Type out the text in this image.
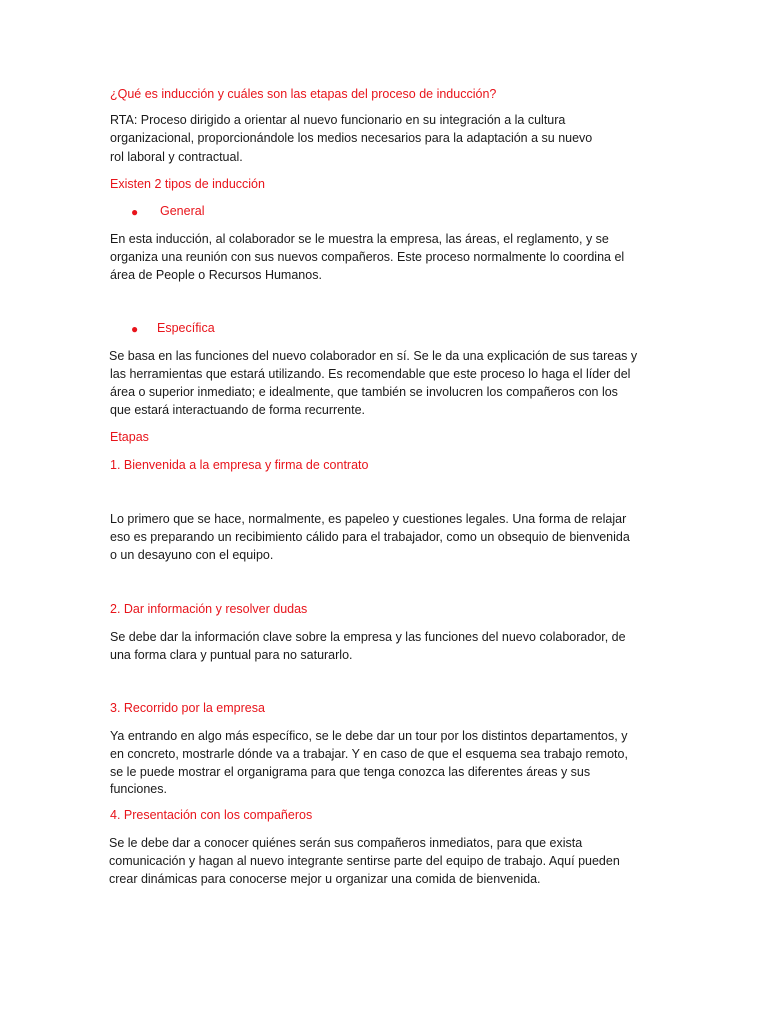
¿Qué es inducción y cuáles son las etapas del proceso de inducción?

RTA: Proceso dirigido a orientar al nuevo funcionario en su integración a la cultura

organizacional, proporcionándole los medios necesarios para la adaptación a su nuevo

rol laboral y contractual.

Existen 2 tipos de inducción

● General

En esta inducción, al colaborador se le muestra la empresa, las áreas, el reglamento, y se

organiza una reunión con sus nuevos compañeros. Este proceso normalmente lo coordina el

área de People o Recursos Humanos.

● Específica

Se basa en las funciones del nuevo colaborador en sí. Se le da una explicación de sus tareas y

las herramientas que estará utilizando. Es recomendable que este proceso lo haga el líder del

área o superior inmediato; e idealmente, que también se involucren los compañeros con los

que estará interactuando de forma recurrente.

Etapas

1. Bienvenida a la empresa y firma de contrato

Lo primero que se hace, normalmente, es papeleo y cuestiones legales. Una forma de relajar

eso es preparando un recibimiento cálido para el trabajador, como un obsequio de bienvenida

o un desayuno con el equipo.

2. Dar información y resolver dudas

Se debe dar la información clave sobre la empresa y las funciones del nuevo colaborador, de

una forma clara y puntual para no saturarlo.

3. Recorrido por la empresa

Ya entrando en algo más específico, se le debe dar un tour por los distintos departamentos, y

en concreto, mostrarle dónde va a trabajar. Y en caso de que el esquema sea trabajo remoto,

se le puede mostrar el organigrama para que tenga conozca las diferentes áreas y sus

funciones.

4. Presentación con los compañeros

Se le debe dar a conocer quiénes serán sus compañeros inmediatos, para que exista

comunicación y hagan al nuevo integrante sentirse parte del equipo de trabajo. Aquí pueden

crear dinámicas para conocerse mejor u organizar una comida de bienvenida.
